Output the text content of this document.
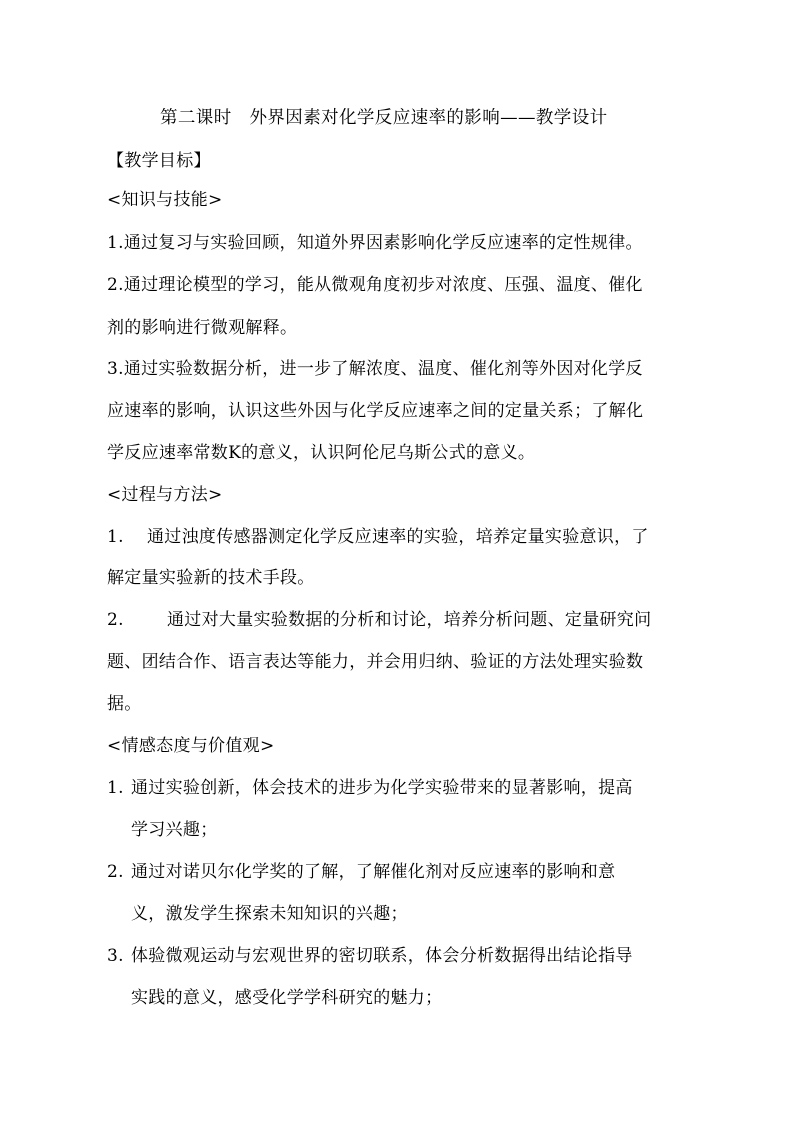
第二课时　外界因素对化学反应速率的影响——教学设计
【教学目标】
<知识与技能>
1.通过复习与实验回顾，知道外界因素影响化学反应速率的定性规律。
2.通过理论模型的学习，能从微观角度初步对浓度、压强、温度、催化
剂的影响进行微观解释。
3.通过实验数据分析，进一步了解浓度、温度、催化剂等外因对化学反
应速率的影响，认识这些外因与化学反应速率之间的定量关系；了解化
学反应速率常数K的意义，认识阿伦尼乌斯公式的意义。
<过程与方法>
1. 通过浊度传感器测定化学反应速率的实验，培养定量实验意识，了
解定量实验新的技术手段。
2.	通过对大量实验数据的分析和讨论，培养分析问题、定量研究问
题、团结合作、语言表达等能力，并会用归纳、验证的方法处理实验数
据。
<情感态度与价值观>
1. 通过实验创新，体会技术的进步为化学实验带来的显著影响，提高
学习兴趣；
2. 通过对诺贝尔化学奖的了解，了解催化剂对反应速率的影响和意
义，激发学生探索未知知识的兴趣；
3. 体验微观运动与宏观世界的密切联系，体会分析数据得出结论指导
实践的意义，感受化学学科研究的魅力；
